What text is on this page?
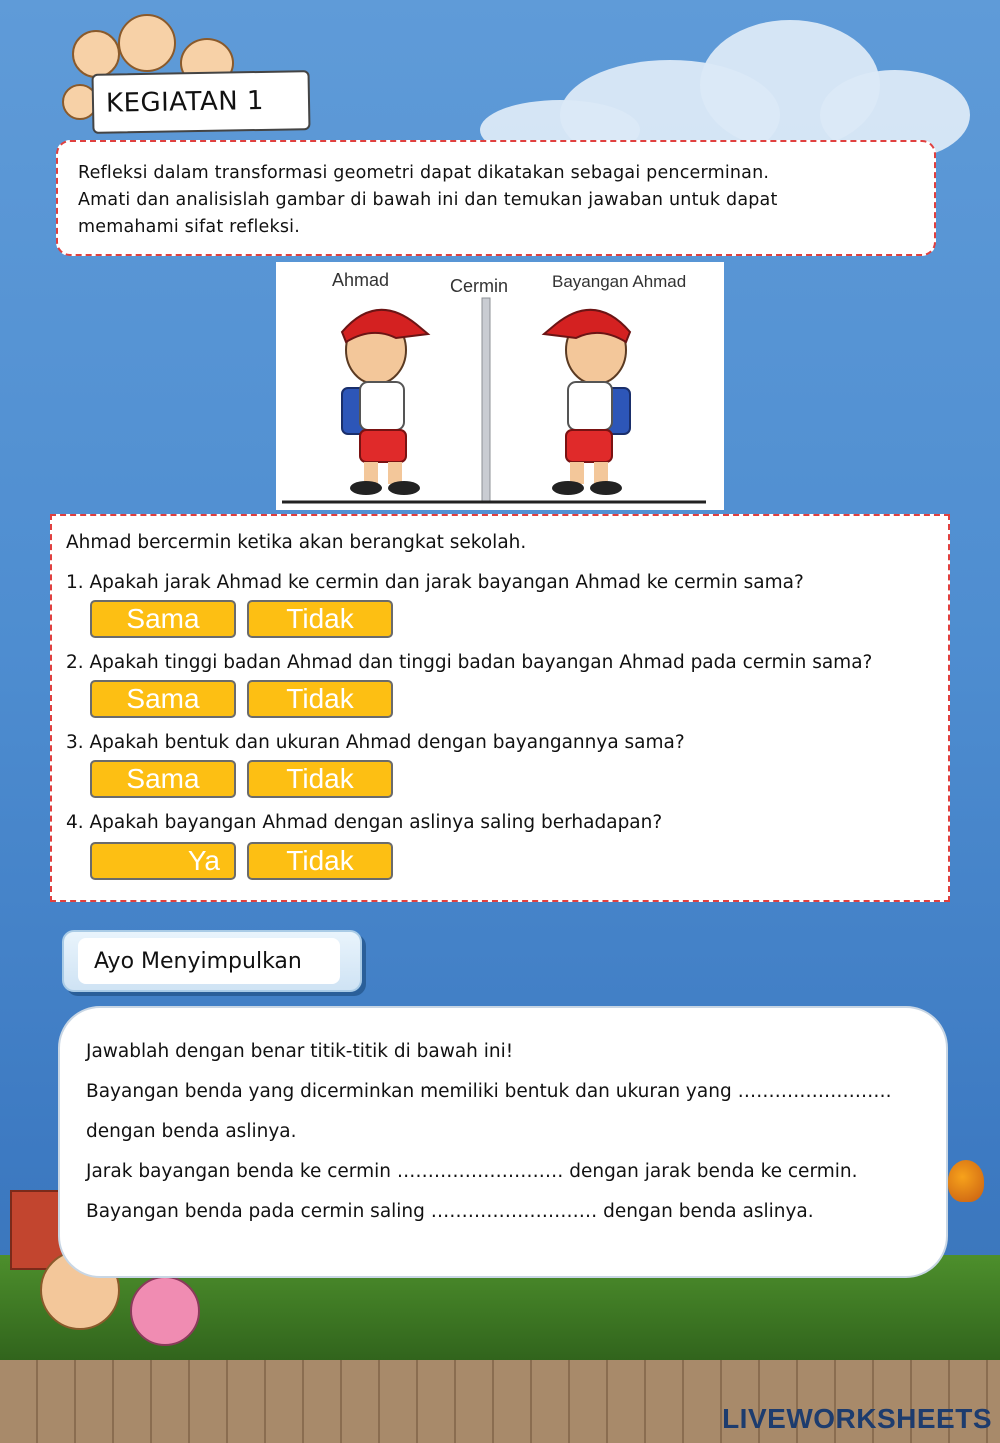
KEGIATAN 1
Refleksi dalam transformasi geometri dapat dikatakan sebagai pencerminan.
Amati dan analisislah gambar di bawah ini dan temukan jawaban untuk dapat
memahami sifat refleksi.
Ahmad	Cermin	Bayangan Ahmad
Ahmad bercermin ketika akan berangkat sekolah.
1. Apakah jarak Ahmad ke cermin dan jarak bayangan Ahmad ke cermin sama?
Sama	Tidak
2. Apakah tinggi badan Ahmad dan tinggi badan bayangan Ahmad pada cermin sama?
Sama	Tidak
3. Apakah bentuk dan ukuran Ahmad dengan bayangannya sama?
Sama	Tidak
4. Apakah bayangan Ahmad dengan aslinya saling berhadapan?
Ya	Tidak
Ayo Menyimpulkan
Jawablah dengan benar titik-titik di bawah ini!
Bayangan benda yang dicerminkan memiliki bentuk dan ukuran yang …………………….
dengan benda aslinya.
Jarak bayangan benda ke cermin ……………………… dengan jarak benda ke cermin.
Bayangan benda pada cermin saling ……………………… dengan benda aslinya.
LIVEWORKSHEETS
